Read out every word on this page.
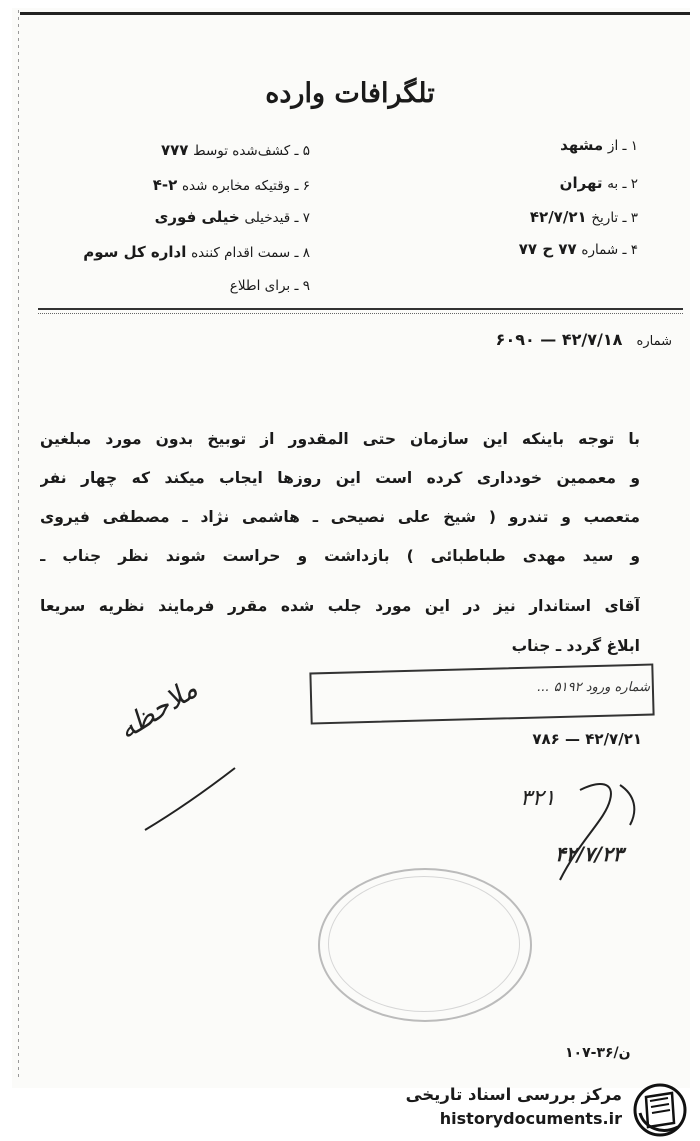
تلگرافات وارده
۱ ـ از مشهد
۲ ـ به تهران
۳ ـ تاریخ ۴۲/۷/۲۱
۴ ـ شماره ۷۷ ح ۷۷
۵ ـ کشف‌شده توسط ۷۷۷
۶ ـ وقتیکه مخابره شده ۲-۴
۷ ـ قید‌خیلی خیلی فوری
۸ ـ سمت اقدام کننده اداره کل سوم
۹ ـ برای اطلاع
شماره ۴۲/۷/۱۸ — ۶۰۹۰
با توجه باینکه این سازمان حتی المقدور از توبیخ بدون مورد مبلغین
و معممین خودداری کرده است این روزها ایجاب میکند که چهار نفر
متعصب و تندرو ( شیخ علی نصیحی ـ هاشمی نژاد ـ مصطفی فیروی
و سید مهدی طباطبائی ) بازداشت و حراست شوند نظر جناب ـ
آقای استاندار نیز در این مورد جلب شده مقرر فرمایند نظریه سریعا
ابلاغ گردد ـ جناب
شماره ورود ۵۱۹۲ ...
۴۲/۷/۲۱ — ۷۸۶
ملاحظه
۳۲۱
۴۲/۷/۲۳
ن/۳۶-۱۰۷
مرکز بررسی اسناد تاریخی
historydocuments.ir
